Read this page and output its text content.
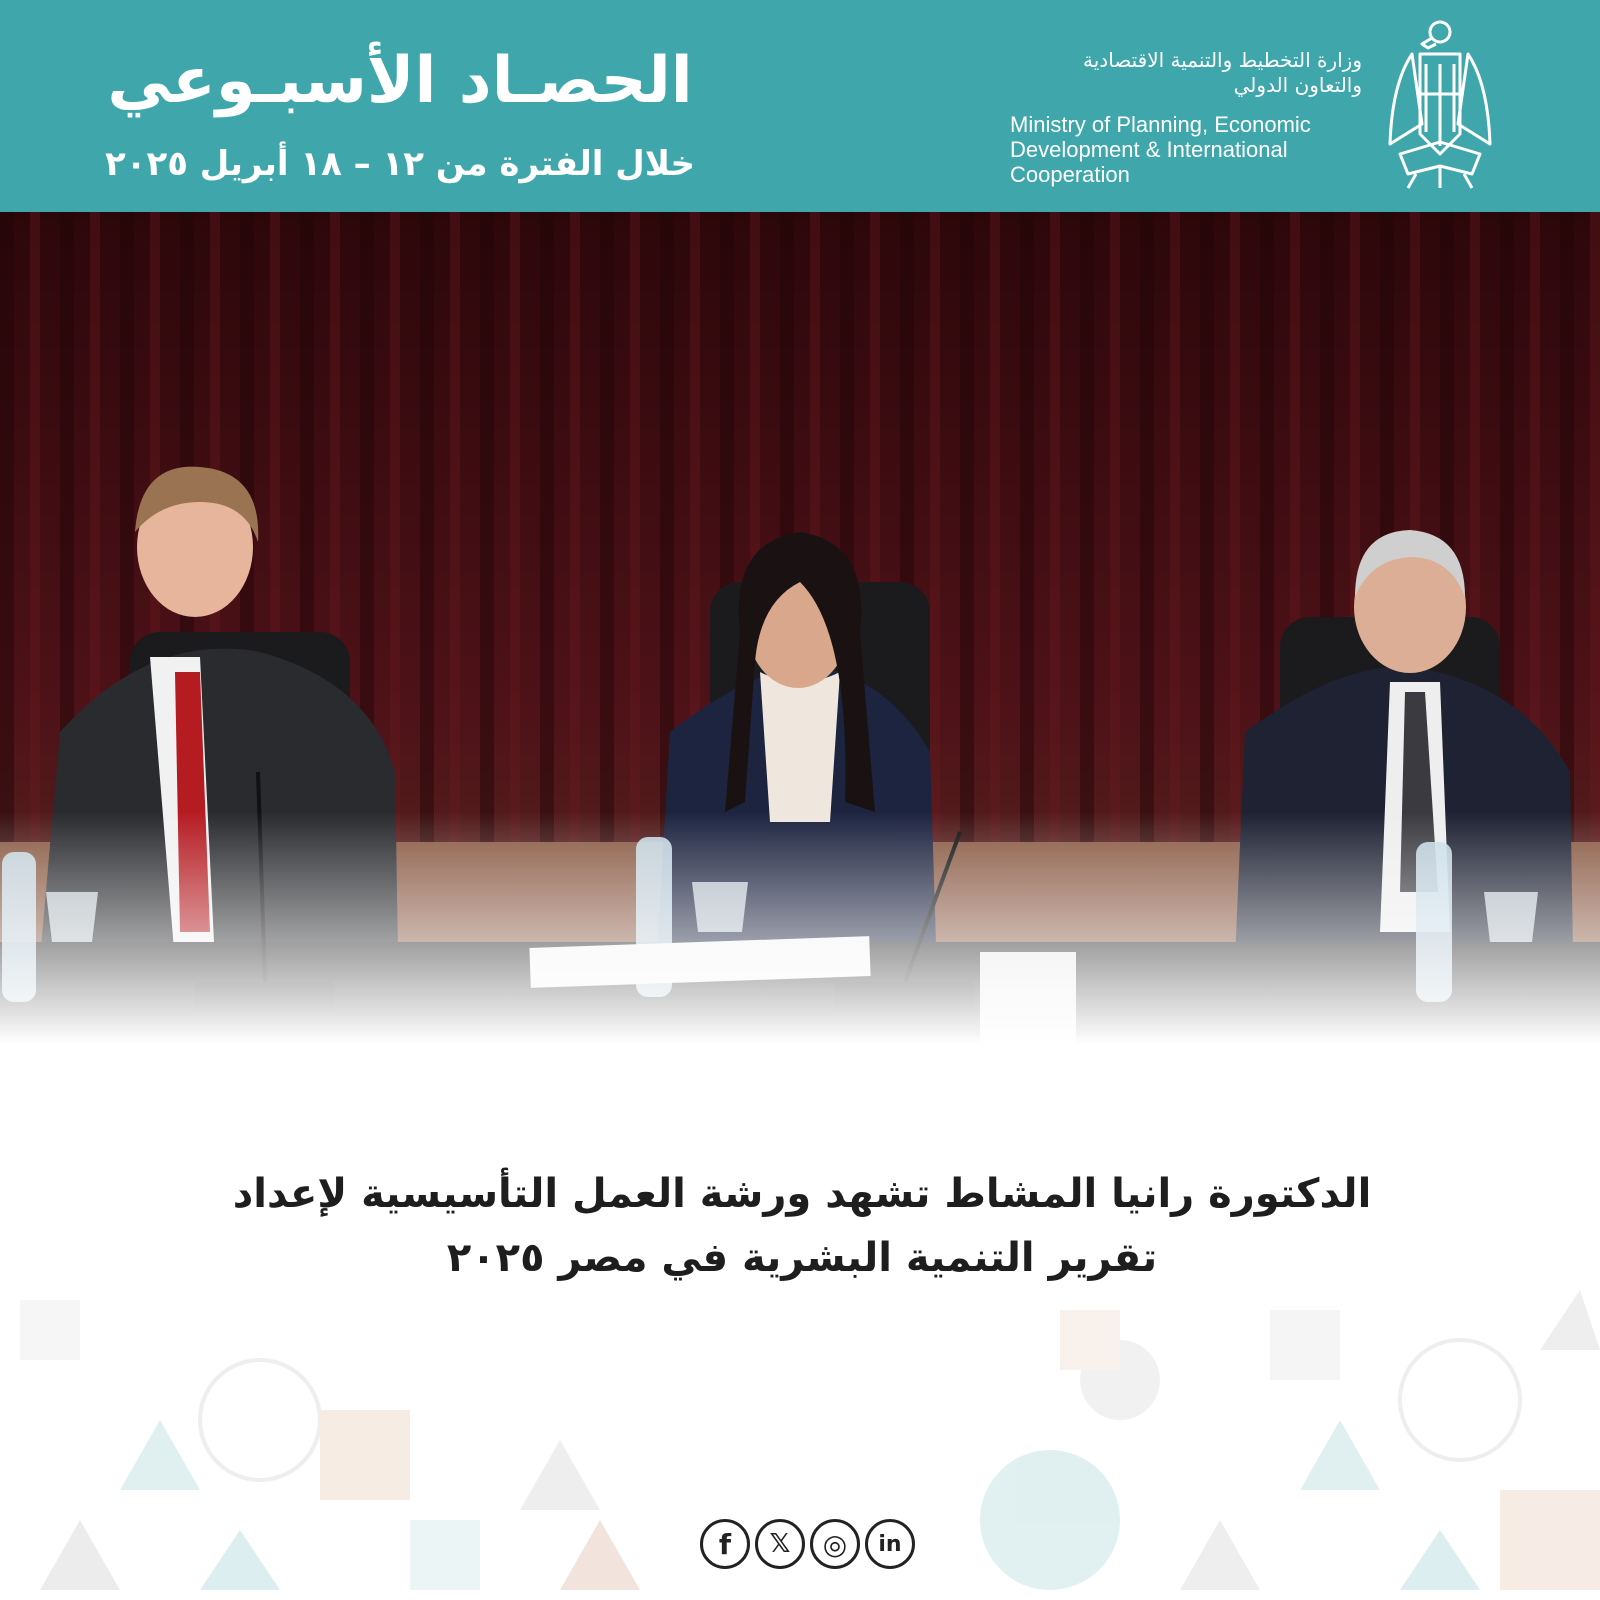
الحصـاد الأسبـوعي
خلال الفترة من ١٢ – ١٨ أبريل ٢٠٢٥
وزارة التخطيط والتنمية الاقتصادية
والتعاون الدولي
Ministry of Planning, Economic
Development & International
Cooperation
الدكتورة رانيا المشاط تشهد ورشة العمل التأسيسية لإعداد
تقرير التنمية البشرية في مصر ٢٠٢٥
f	𝕏	◎	in
